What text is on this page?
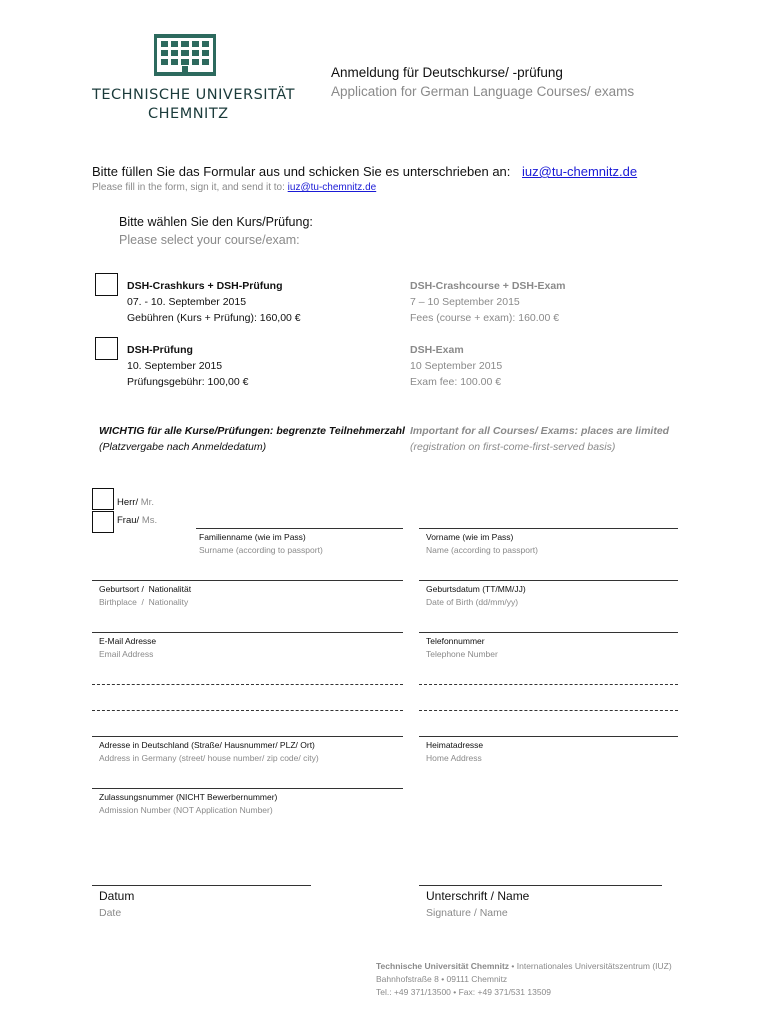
TECHNISCHE UNIVERSITÄT
CHEMNITZ
Anmeldung für Deutschkurse/ -prüfung
Application for German Language Courses/ exams
Bitte füllen Sie das Formular aus und schicken Sie es unterschrieben an: iuz@tu-chemnitz.de
Please fill in the form, sign it, and send it to: iuz@tu-chemnitz.de
Bitte wählen Sie den Kurs/Prüfung:
Please select your course/exam:
DSH-Crashkurs + DSH-Prüfung
07. - 10. September 2015
Gebühren (Kurs + Prüfung): 160,00 €
DSH-Crashcourse + DSH-Exam
7 – 10 September 2015
Fees (course + exam): 160.00 €
DSH-Prüfung
10. September 2015
Prüfungsgebühr: 100,00 €
DSH-Exam
10 September 2015
Exam fee: 100.00 €
WICHTIG für alle Kurse/Prüfungen: begrenzte Teilnehmerzahl
(Platzvergabe nach Anmeldedatum)
Important for all Courses/ Exams: places are limited
(registration on first-come-first-served basis)
Herr/ Mr.
Frau/ Ms.
Familienname (wie im Pass)
Surname (according to passport)
Vorname (wie im Pass)
Name (according to passport)
Geburtsort /  Nationalität
Birthplace  /  Nationality
Geburtsdatum (TT/MM/JJ)
Date of Birth (dd/mm/yy)
E-Mail Adresse
Email Address
Telefonnummer
Telephone Number
Adresse in Deutschland (Straße/ Hausnummer/ PLZ/ Ort)
Address in Germany (street/ house number/ zip code/ city)
Heimatadresse
Home Address
Zulassungsnummer (NICHT Bewerbernummer)
Admission Number (NOT Application Number)
Datum
Date
Unterschrift / Name
Signature / Name
Technische Universität Chemnitz • Internationales Universitätszentrum (IUZ)
Bahnhofstraße 8 • 09111 Chemnitz
Tel.: +49 371/13500 • Fax: +49 371/531 13509
